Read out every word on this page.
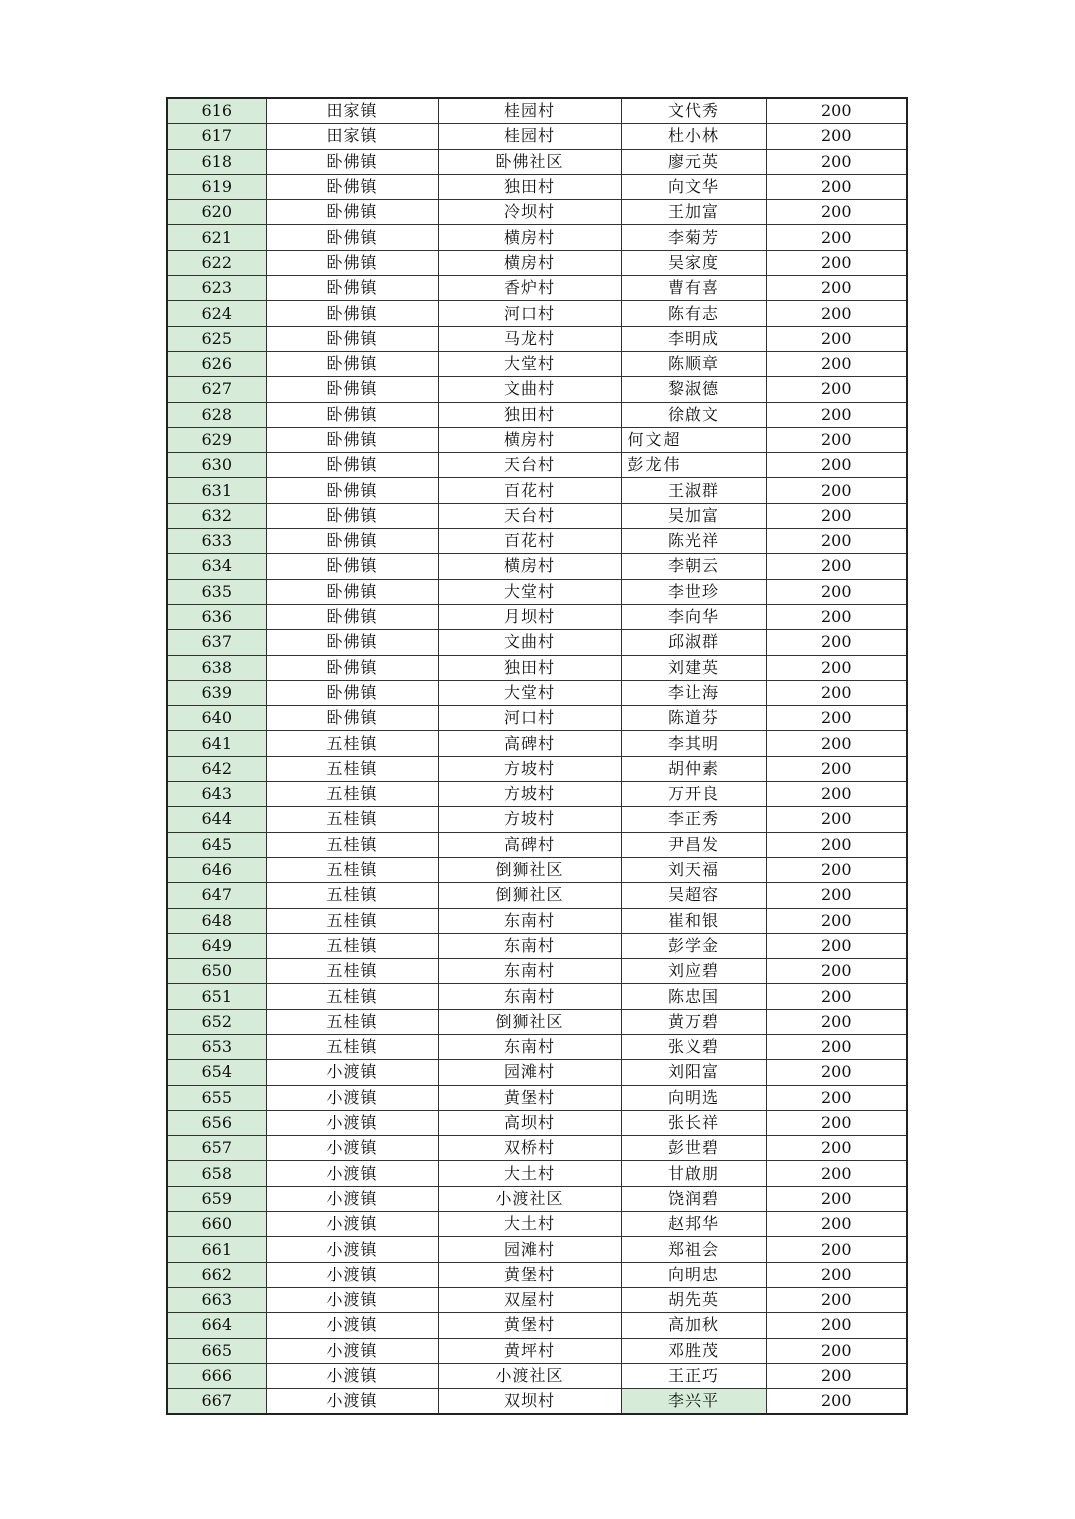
616	田家镇	桂园村	文代秀	200
617	田家镇	桂园村	杜小林	200
618	卧佛镇	卧佛社区	廖元英	200
619	卧佛镇	独田村	向文华	200
620	卧佛镇	冷坝村	王加富	200
621	卧佛镇	横房村	李菊芳	200
622	卧佛镇	横房村	吴家度	200
623	卧佛镇	香炉村	曹有喜	200
624	卧佛镇	河口村	陈有志	200
625	卧佛镇	马龙村	李明成	200
626	卧佛镇	大堂村	陈顺章	200
627	卧佛镇	文曲村	黎淑德	200
628	卧佛镇	独田村	徐啟文	200
629	卧佛镇	横房村	何文超	200
630	卧佛镇	天台村	彭龙伟	200
631	卧佛镇	百花村	王淑群	200
632	卧佛镇	天台村	吴加富	200
633	卧佛镇	百花村	陈光祥	200
634	卧佛镇	横房村	李朝云	200
635	卧佛镇	大堂村	李世珍	200
636	卧佛镇	月坝村	李向华	200
637	卧佛镇	文曲村	邱淑群	200
638	卧佛镇	独田村	刘建英	200
639	卧佛镇	大堂村	李让海	200
640	卧佛镇	河口村	陈道芬	200
641	五桂镇	高碑村	李其明	200
642	五桂镇	方坡村	胡仲素	200
643	五桂镇	方坡村	万开良	200
644	五桂镇	方坡村	李正秀	200
645	五桂镇	高碑村	尹昌发	200
646	五桂镇	倒狮社区	刘天福	200
647	五桂镇	倒狮社区	吴超容	200
648	五桂镇	东南村	崔和银	200
649	五桂镇	东南村	彭学金	200
650	五桂镇	东南村	刘应碧	200
651	五桂镇	东南村	陈忠国	200
652	五桂镇	倒狮社区	黄万碧	200
653	五桂镇	东南村	张义碧	200
654	小渡镇	园滩村	刘阳富	200
655	小渡镇	黄堡村	向明选	200
656	小渡镇	高坝村	张长祥	200
657	小渡镇	双桥村	彭世碧	200
658	小渡镇	大土村	甘啟朋	200
659	小渡镇	小渡社区	饶润碧	200
660	小渡镇	大土村	赵邦华	200
661	小渡镇	园滩村	郑祖会	200
662	小渡镇	黄堡村	向明忠	200
663	小渡镇	双屋村	胡先英	200
664	小渡镇	黄堡村	高加秋	200
665	小渡镇	黄坪村	邓胜茂	200
666	小渡镇	小渡社区	王正巧	200
667	小渡镇	双坝村	李兴平	200
